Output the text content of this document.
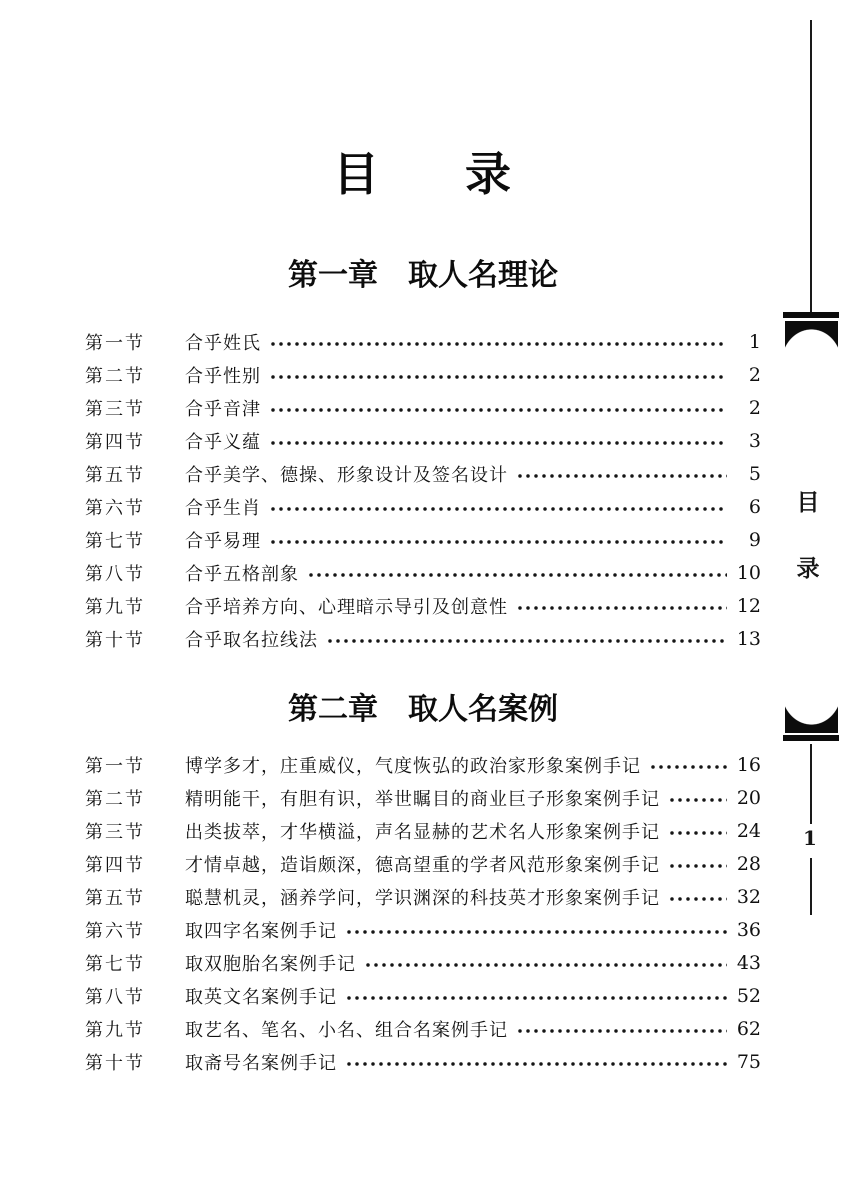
目 录
第一章　取人名理论
第一节	合乎姓氏	1
第二节	合乎性别	2
第三节	合乎音津	2
第四节	合乎义蕴	3
第五节	合乎美学、德操、形象设计及签名设计	5
第六节	合乎生肖	6
第七节	合乎易理	9
第八节	合乎五格剖象	10
第九节	合乎培养方向、心理暗示导引及创意性	12
第十节	合乎取名拉线法	13
第二章　取人名案例
第一节	博学多才，庄重威仪，气度恢弘的政治家形象案例手记	16
第二节	精明能干，有胆有识，举世瞩目的商业巨子形象案例手记	20
第三节	出类拔萃，才华横溢，声名显赫的艺术名人形象案例手记	24
第四节	才情卓越，造诣颇深，德高望重的学者风范形象案例手记	28
第五节	聪慧机灵，涵养学问，学识渊深的科技英才形象案例手记	32
第六节	取四字名案例手记	36
第七节	取双胞胎名案例手记	43
第八节	取英文名案例手记	52
第九节	取艺名、笔名、小名、组合名案例手记	62
第十节	取斋号名案例手记	75
目
录
1
